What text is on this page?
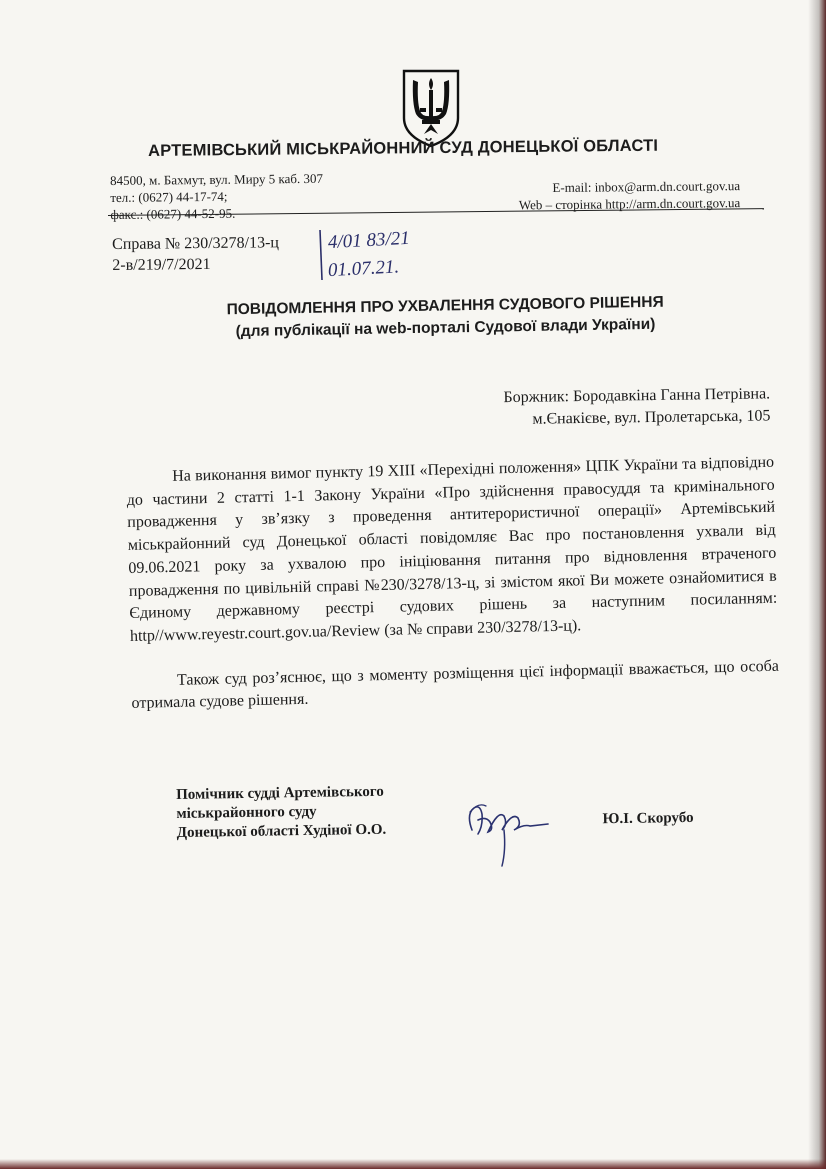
АРТЕМІВСЬКИЙ МІСЬКРАЙОННИЙ СУД ДОНЕЦЬКОЇ ОБЛАСТІ
84500, м. Бахмут, вул. Миру 5 каб. 307
тел.: (0627) 44-17-74;
факс.: (0627) 44-52-95.
E-mail: inbox@arm.dn.court.gov.ua
Web – сторінка http://arm.dn.court.gov.ua
Справа № 230/3278/13-ц
2-в/219/7/2021
4/01 83/21
01.07.21.
ПОВІДОМЛЕННЯ ПРО УХВАЛЕННЯ СУДОВОГО РІШЕННЯ
(для публікації на web-порталі Судової влади України)
Боржник: Бородавкіна Ганна Петрівна.
м.Єнакієве, вул. Пролетарська, 105

На виконання вимог пункту 19 XIII «Перехідні положення» ЦПК України та відповідно до частини 2 статті 1-1 Закону України «Про здійснення правосуддя та кримінального провадження у зв’язку з проведення антитерористичної операції» Артемівський міськрайонний суд Донецької області повідомляє Вас про постановлення ухвали від 09.06.2021 року за ухвалою про ініціювання питання про відновлення втраченого провадження по цивільній справі №230/3278/13-ц, зі змістом якої Ви можете ознайомитися в Єдиному державному реєстрі судових рішень за наступним посиланням: http//www.reyestr.court.gov.ua/Review (за № справи 230/3278/13-ц).

Також суд роз’яснює, що з моменту розміщення цієї інформації вважається, що особа отримала судове рішення.

Помічник судді Артемівського
міськрайонного суду
Донецької області Худіної О.О.
Ю.І. Скорубо
